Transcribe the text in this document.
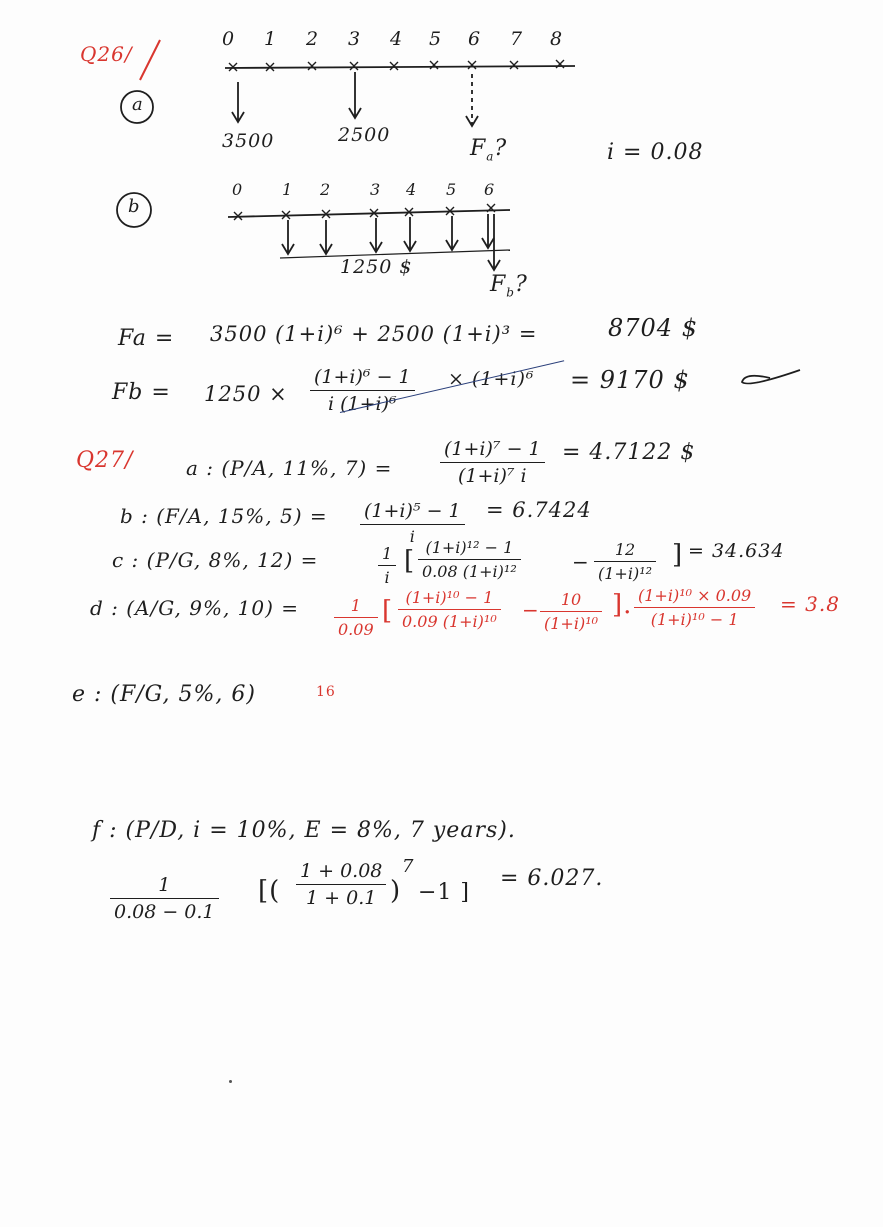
Q26/
a
0 1 2 3 4 5 6 7 8
3500	2500
$F_a$?	i = 0.08
b
0 1 2 3 4 5 6
1250 $
$F_b$?
Fa = 3500 (1+i)⁶ + 2500 (1+i)³ =	8704 $
$Fb = 1250 \times \frac{\text{(1+i)⁶ − 1}}{\text{i (1+i)⁶}} \times (1+i)^6 = 9170$ $
Q27/	a : (P/A, 11%, 7) =	$\frac{\text{(1+i)⁷ − 1}}{\text{(1+i)⁷ i}} = 4.7122$ $
b : (F/A, 15%, 5) = (1+i)⁵ − 1
i
= 6.7424
c : (P/G, 8%, 12) =	$\frac{1}{i}$ [ $\frac{\text{(1+i)¹² − 1}}{\text{0.08 (1+i)¹²}}$	− $\frac{12}{\text{(1+i)¹²}}$ ] = 34.634
d : (A/G, 9%, $10) = \frac{1}{0.09}$ [ $\frac{\text{(1+i)¹⁰ − 1}}{\text{0.09 (1+i)¹⁰}} - \frac{10}{\text{(1+i)¹⁰}}$ ]. $\frac{\text{(1+i)¹⁰ × 0.09}}{\text{(1+i)¹⁰ − 1}} = 3.8$
e : (F/G, 5%, 6)	16
f : (P/D, i = 10%, E = 8%, 7 years).
$\frac{1}{0.08 - 0.1}$ [( $\frac{1 + 0.08}{1 + 0.1}$ )
7
−1 ]
= 6.027.
